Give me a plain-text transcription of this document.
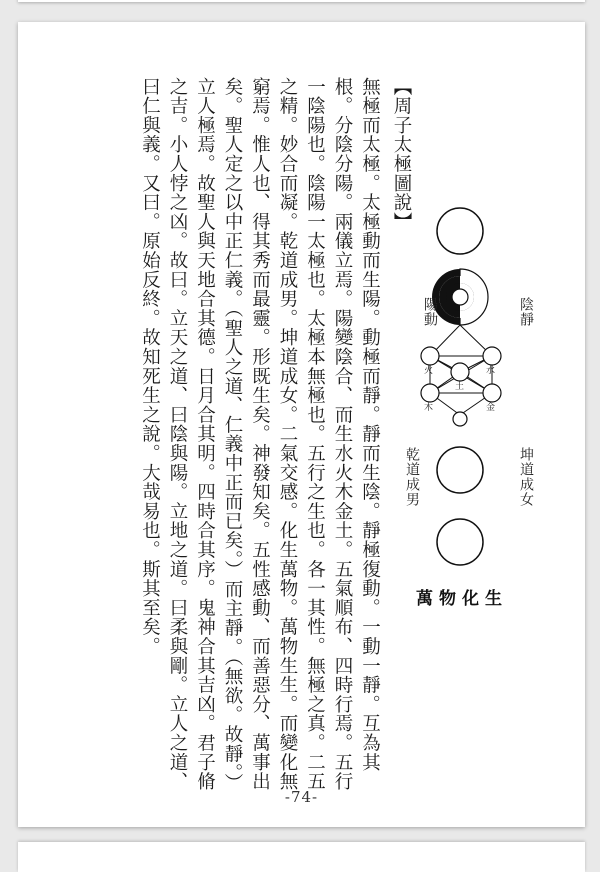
【周子太極圖說】

無極而太極。太極動而生陽。動極而靜。靜而生陰。靜極復動。一動一靜。互為其根。分陰分陽。兩儀立焉。陽變陰合、而生水火木金土。五氣順布、四時行焉。五行一陰陽也。陰陽一太極也。太極本無極也。五行之生也。各一其性。無極之真。二五之精。妙合而凝。乾道成男。坤道成女。二氣交感。化生萬物。萬物生生。而變化無窮焉。惟人也、得其秀而最靈。形既生矣。神發知矣。五性感動、而善惡分、萬事出矣。聖人定之以中正仁義。（聖人之道、仁義中正而已矣。）而主靜。（無欲。故靜。）立人極焉。故聖人與天地合其德。日月合其明。四時合其序。鬼神合其吉凶。君子脩之吉。小人悖之凶。故曰。立天之道、曰陰與陽。立地之道。曰柔與剛。立人之道、曰仁與義。又曰。原始反終。故知死生之說。大哉易也。斯其至矣。	陽動	陰靜
火	水
土
木	金
乾道成男	坤道成女
萬物化生
-74-
